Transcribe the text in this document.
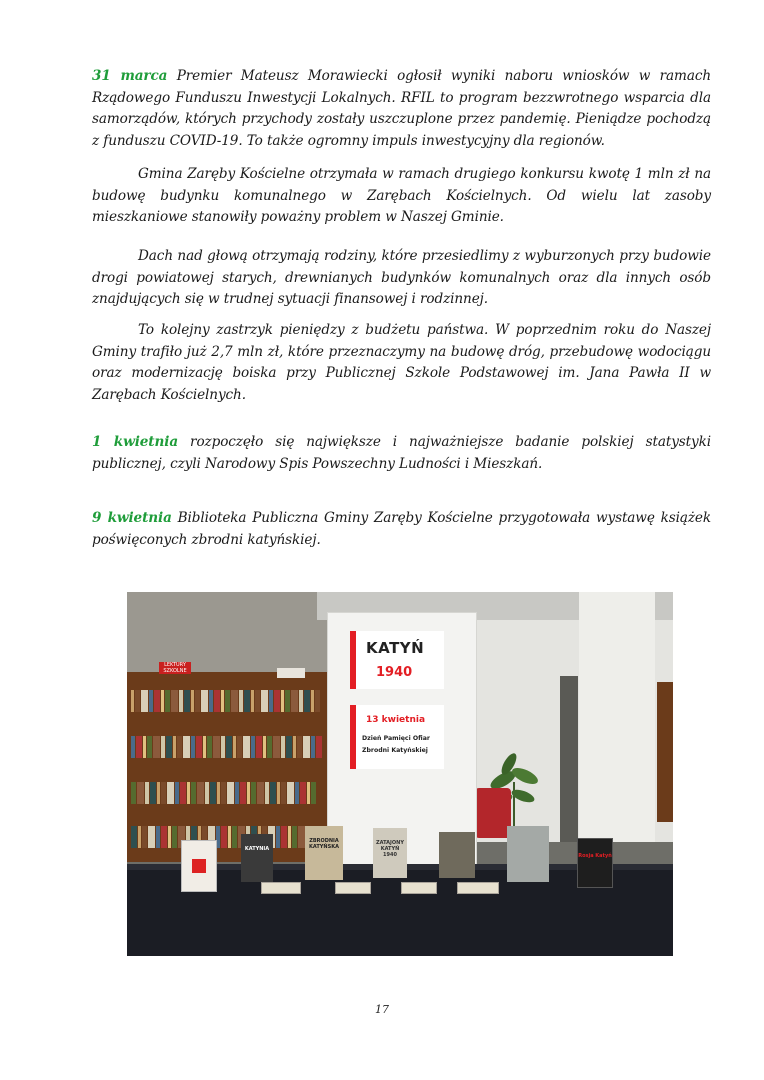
31 marca Premier Mateusz Morawiecki ogłosił wyniki naboru wniosków w ramach Rządowego Funduszu Inwestycji Lokalnych. RFIL to program bezzwrotnego wsparcia dla samorządów, których przychody zostały uszczuplone przez pandemię. Pieniądze pochodzą z funduszu COVID-19. To także ogromny impuls inwestycyjny dla regionów.

Gmina Zaręby Kościelne otrzymała w ramach drugiego konkursu kwotę 1 mln zł na budowę budynku komunalnego w Zarębach Kościelnych. Od wielu lat zasoby mieszkaniowe stanowiły poważny problem w Naszej Gminie.

Dach nad głową otrzymają rodziny, które przesiedlimy z wyburzonych przy budowie drogi powiatowej starych, drewnianych budynków komunalnych oraz dla innych osób znajdujących się w trudnej sytuacji finansowej i rodzinnej.

To kolejny zastrzyk pieniędzy z budżetu państwa. W poprzednim roku do Naszej Gminy trafiło już 2,7 mln zł, które przeznaczymy na budowę dróg, przebudowę wodociągu oraz modernizację boiska przy Publicznej Szkole Podstawowej im. Jana Pawła II w Zarębach Kościelnych.

1 kwietnia rozpoczęło się największe i najważniejsze badanie polskiej statystyki publicznej, czyli Narodowy Spis Powszechny Ludności i Mieszkań.

9 kwietnia Biblioteka Publiczna Gminy Zaręby Kościelne przygotowała wystawę książek poświęconych zbrodni katyńskiej.

LEKTURY SZKOLNE
KATYŃ
1940
13 kwietnia
Dzień Pamięci Ofiar
Zbrodni Katyńskiej
KATYNIA
ZBRODNIA KATYŃSKA
ZATAJONY KATYŃ 1940	Rosja Katyń
17
